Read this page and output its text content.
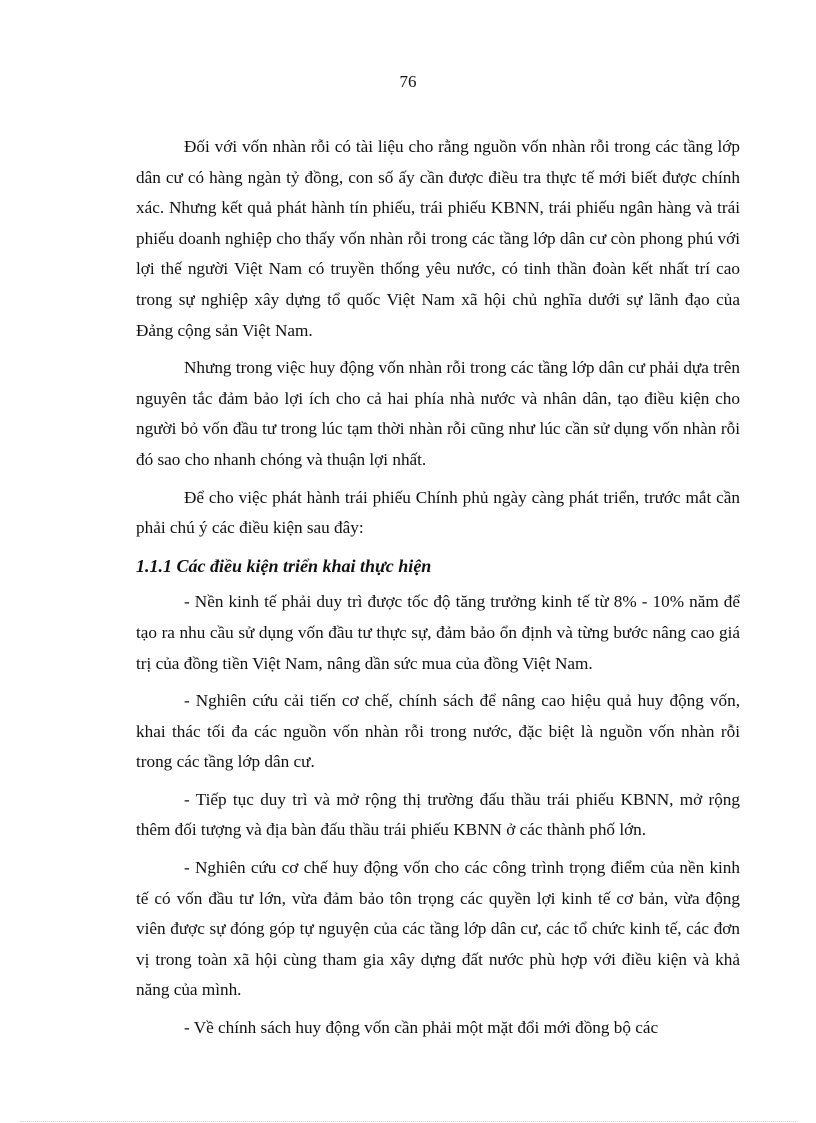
76

Đối với vốn nhàn rỗi có tài liệu cho rằng nguồn vốn nhàn rỗi trong các tầng lớp dân cư có hàng ngàn tỷ đồng, con số ấy cần được điều tra thực tế mới biết được chính xác. Nhưng kết quả phát hành tín phiếu, trái phiếu KBNN, trái phiếu ngân hàng và trái phiếu doanh nghiệp cho thấy vốn nhàn rỗi trong các tầng lớp dân cư còn phong phú với lợi thế người Việt Nam có truyền thống yêu nước, có tinh thần đoàn kết nhất trí cao trong sự nghiệp xây dựng tổ quốc Việt Nam xã hội chủ nghĩa dưới sự lãnh đạo của Đảng cộng sản Việt Nam.

Nhưng trong việc huy động vốn nhàn rỗi trong các tầng lớp dân cư phải dựa trên nguyên tắc đảm bảo lợi ích cho cả hai phía nhà nước và nhân dân, tạo điều kiện cho người bỏ vốn đầu tư trong lúc tạm thời nhàn rỗi cũng như lúc cần sử dụng vốn nhàn rỗi đó sao cho nhanh chóng và thuận lợi nhất.

Để cho việc phát hành trái phiếu Chính phủ ngày càng phát triển, trước mắt cần phải chú ý các điều kiện sau đây:

1.1.1 Các điều kiện triển khai thực hiện

- Nền kinh tế phải duy trì được tốc độ tăng trưởng kinh tế từ 8% - 10% năm để tạo ra nhu cầu sử dụng vốn đầu tư thực sự, đảm bảo ổn định và từng bước nâng cao giá trị của đồng tiền Việt Nam, nâng dần sức mua của đồng Việt Nam.

- Nghiên cứu cải tiến cơ chế, chính sách để nâng cao hiệu quả huy động vốn, khai thác tối đa các nguồn vốn nhàn rỗi trong nước, đặc biệt là nguồn vốn nhàn rỗi trong các tầng lớp dân cư.

- Tiếp tục duy trì và mở rộng thị trường đấu thầu trái phiếu KBNN, mở rộng thêm đối tượng và địa bàn đấu thầu trái phiếu KBNN ở các thành phố lớn.

- Nghiên cứu cơ chế huy động vốn cho các công trình trọng điểm của nền kinh tế có vốn đầu tư lớn, vừa đảm bảo tôn trọng các quyền lợi kinh tế cơ bản, vừa động viên được sự đóng góp tự nguyện của các tầng lớp dân cư, các tổ chức kinh tế, các đơn vị trong toàn xã hội cùng tham gia xây dựng đất nước phù hợp với điều kiện và khả năng của mình.

- Về chính sách huy động vốn cần phải một mặt đổi mới đồng bộ các
